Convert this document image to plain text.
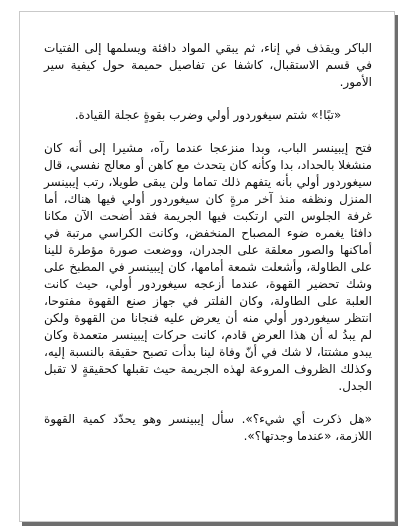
الباكر ويقذف في إناء، ثم يبقي المواد دافئة ويسلمها إلى الفتيات في قسم الاستقبال، كاشفا عن تفاصيل حميمة حول كيفية سير الأمور.

«تبًا!» شتم سيغوردور أولي وضرب بقوةٍ عجلة القيادة.

فتح إيبينسر الباب، وبدا منزعجا عندما رآه، مشيرا إلى أنه كان منشغلا بالحداد، بدا وكأنه كان يتحدث مع كاهن أو معالج نفسي، قال سيغوردور أولي بأنه يتفهم ذلك تماما ولن يبقى طويلا، رتب إيبينسر المنزل ونظفه منذ آخر مرةٍ كان سيغوردور أولي فيها هناك، أما غرفة الجلوس التي ارتكبت فيها الجريمة فقد أضحت الآن مكانا دافئا يغمره ضوء المصباح المنخفض، وكانت الكراسي مرتبة في أماكنها والصور معلقة على الجدران، ووضعت صورة مؤطرة للينا على الطاولة، وأشعلت شمعة أمامها، كان إيبينسر في المطبخ على وشك تحضير القهوة، عندما أزعجه سيغوردور أولي، حيث كانت العلبة على الطاولة، وكان الفلتر في جهاز صنع القهوة مفتوحا، انتظر سيغوردور أولي منه أن يعرض عليه فنجانا من القهوة ولكن لم يبدُ له أن هذا العرض قادم، كانت حركات إيبينسر متعمدة وكان يبدو مشتتا، لا شك في أنّ وفاة لينا بدأت تصبح حقيقة بالنسبة إليه، وكذلك الظروف المروعة لهذه الجريمة حيث تقبلها كحقيقةٍ لا تقبل الجدل.

«هل ذكرت أي شيء؟». سأل إيبينسر وهو يحدّد كمية القهوة اللازمة، «عندما وجدتها؟».
